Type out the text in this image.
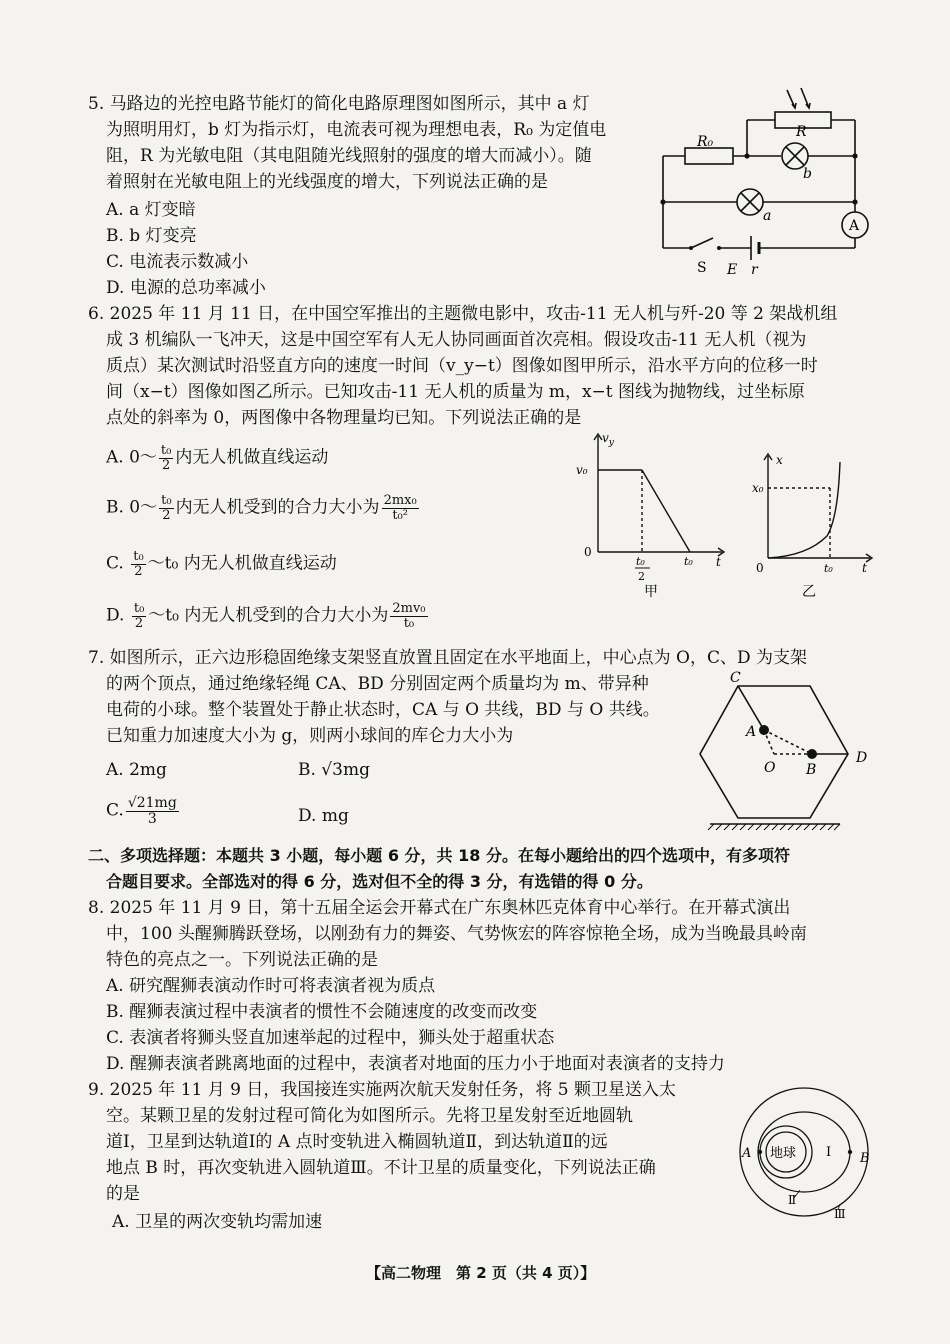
5. 马路边的光控电路节能灯的简化电路原理图如图所示，其中 a 灯
为照明用灯，b 灯为指示灯，电流表可视为理想电表，R₀ 为定值电
阻，R 为光敏电阻（其电阻随光线照射的强度的增大而减小）。随
着照射在光敏电阻上的光线强度的增大，下列说法正确的是
A. a 灯变暗
B. b 灯变亮
C. 电流表示数减小
D. 电源的总功率减小
R
R₀
b
a
A
S E r
6. 2025 年 11 月 11 日，在中国空军推出的主题微电影中，攻击-11 无人机与歼-20 等 2 架战机组
成 3 机编队一飞冲天，这是中国空军有人无人协同画面首次亮相。假设攻击-11 无人机（视为
质点）某次测试时沿竖直方向的速度一时间（v_y−t）图像如图甲所示，沿水平方向的位移一时
间（x−t）图像如图乙所示。已知攻击-11 无人机的质量为 m，x−t 图线为抛物线，过坐标原
点处的斜率为 0，两图像中各物理量均已知。下列说法正确的是
A. 0～ $\frac{\text{t₀}}{2}$ 内无人机做直线运动
B. 0～ $\frac{\text{t₀}}{2}$ 内无人机受到的合力大小为 $\frac{\text{2mx₀}}{\text{t₀²}}$
C. $\frac{\text{t₀}}{2}$ ～t₀ 内无人机做直线运动
D. $\frac{\text{t₀}}{2}$ ～t₀ 内无人机受到的合力大小为 $\frac{\text{2mv₀}}{\text{t₀}}$
$v_y$
v₀
0
t₀
2
t₀ t
甲
x
x₀
0	t₀ t
乙
7. 如图所示，正六边形稳固绝缘支架竖直放置且固定在水平地面上，中心点为 O，C、D 为支架
的两个顶点，通过绝缘轻绳 CA、BD 分别固定两个质量均为 m、带异种
电荷的小球。整个装置处于静止状态时，CA 与 O 共线，BD 与 O 共线。
已知重力加速度大小为 g，则两小球间的库仑力大小为
A. 2mg	B. √3mg
C. $\frac{√21mg}{3}$	D. mg
C
A
O B
D
二、多项选择题：本题共 3 小题，每小题 6 分，共 18 分。在每小题给出的四个选项中，有多项符
合题目要求。全部选对的得 6 分，选对但不全的得 3 分，有选错的得 0 分。
8. 2025 年 11 月 9 日，第十五届全运会开幕式在广东奥林匹克体育中心举行。在开幕式演出
中，100 头醒狮腾跃登场，以刚劲有力的舞姿、气势恢宏的阵容惊艳全场，成为当晚最具岭南
特色的亮点之一。下列说法正确的是
A. 研究醒狮表演动作时可将表演者视为质点
B. 醒狮表演过程中表演者的惯性不会随速度的改变而改变
C. 表演者将狮头竖直加速举起的过程中，狮头处于超重状态
D. 醒狮表演者跳离地面的过程中，表演者对地面的压力小于地面对表演者的支持力
9. 2025 年 11 月 9 日，我国接连实施两次航天发射任务，将 5 颗卫星送入太
空。某颗卫星的发射过程可简化为如图所示。先将卫星发射至近地圆轨
道Ⅰ，卫星到达轨道Ⅰ的 A 点时变轨进入椭圆轨道Ⅱ，到达轨道Ⅱ的远
地点 B 时，再次变轨进入圆轨道Ⅲ。不计卫星的质量变化，下列说法正确
的是
A. 卫星的两次变轨均需加速
地球
A	B
Ⅰ
Ⅱ
Ⅲ
【高二物理　第 2 页（共 4 页）】
